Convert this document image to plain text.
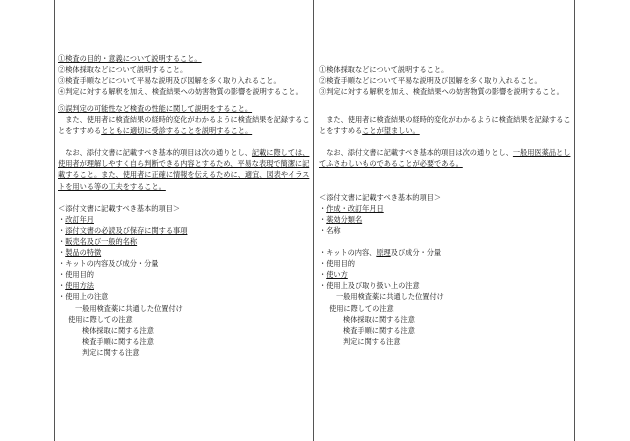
①検査の目的・意義について説明すること。
②検体採取などについて説明すること。
③検査手順などについて平易な説明及び図解を多く取り入れること。
④判定に対する解釈を加え、検査結果への妨害物質の影響を説明すること。
⑤誤判定の可能性など検査の性能に関して説明をすること。
　また、使用者に検査結果の経時的変化がわかるように検査結果を記録することをすすめるとともに適切に受診することを説明すること。
　なお、添付文書に記載すべき基本的項目は次の通りとし、記載に際しては、使用者が理解しやすく自ら判断できる内容とするため、平易な表現で簡潔に記載すること。また、使用者に正確に情報を伝えるために、適宜、図表やイラストを用いる等の工夫をすること。
＜添付文書に記載すべき基本的項目＞
・改訂年月
・添付文書の必読及び保存に関する事項
・販売名及び一般的名称
・製品の特徴
・キットの内容及び成分・分量
・使用目的
・使用方法
・使用上の注意
一般用検査薬に共通した位置付け
使用に際しての注意
検体採取に関する注意
検査手順に関する注意
判定に関する注意
①検体採取などについて説明すること。
②検査手順などについて平易な説明及び図解を多く取り入れること。
③判定に対する解釈を加え、検査結果への妨害物質の影響を説明すること。
　また、使用者に検査結果の経時的変化がわかるように検査結果を記録することをすすめることが望ましい。
　なお、添付文書に記載すべき基本的項目は次の通りとし、一般用医薬品としてふさわしいものであることが必要である。
＜添付文書に記載すべき基本的項目＞
・作成・改訂年月日
・薬効分類名
・名称
・キットの内容、原理及び成分・分量
・使用目的
・使い方
・使用上及び取り扱い上の注意
一般用検査薬に共通した位置付け
使用に際しての注意
検体採取に関する注意
検査手順に関する注意
判定に関する注意
